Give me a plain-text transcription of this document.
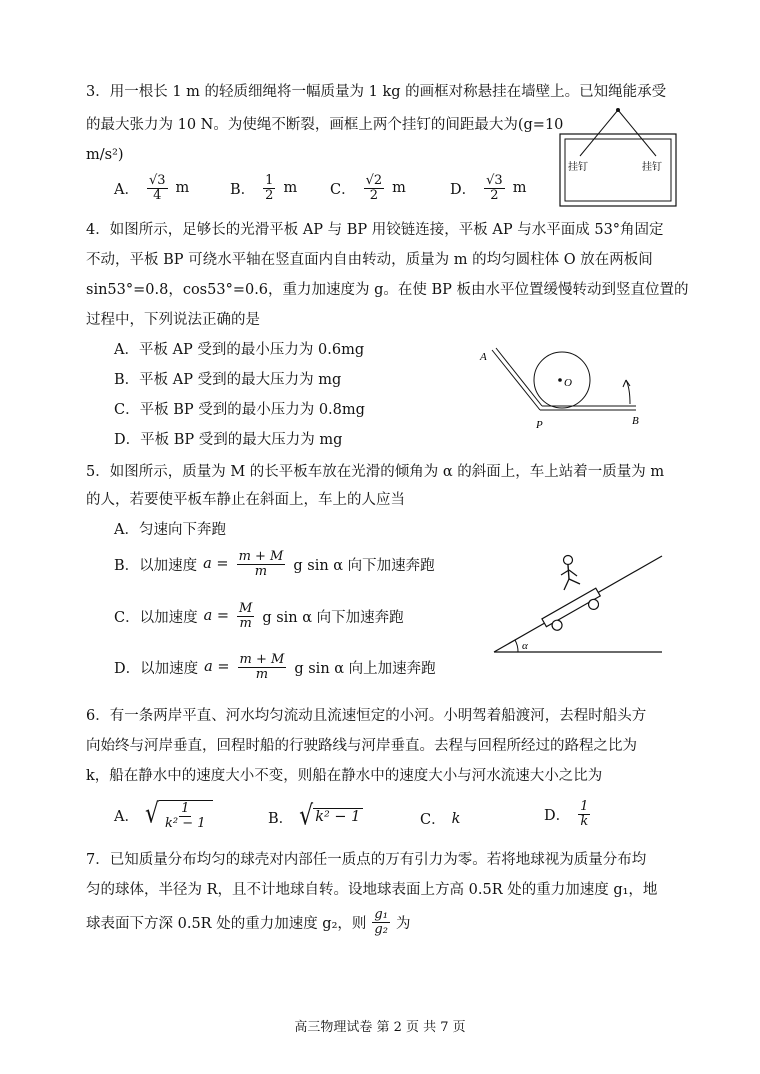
3．用一根长 1 m 的轻质细绳将一幅质量为 1 kg 的画框对称悬挂在墙壁上。已知绳能承受
的最大张力为 10 N。为使绳不断裂，画框上两个挂钉的间距最大为(g=10
m/s²)
A． $\frac{√3}{4}$ m	B． $\frac{1}{2}$ m C． $\frac{√2}{2}$ m	D． $\frac{√3}{2}$ m
挂钉	挂钉
4．如图所示，足够长的光滑平板 AP 与 BP 用铰链连接，平板 AP 与水平面成 53°角固定
不动，平板 BP 可绕水平轴在竖直面内自由转动，质量为 m 的均匀圆柱体 O 放在两板间
sin53°=0.8，cos53°=0.6，重力加速度为 g。在使 BP 板由水平位置缓慢转动到竖直位置的
过程中，下列说法正确的是
A．平板 AP 受到的最小压力为 0.6mg
B．平板 AP 受到的最大压力为 mg
C．平板 BP 受到的最小压力为 0.8mg
D．平板 BP 受到的最大压力为 mg
A
O
P	B
5．如图所示，质量为 M 的长平板车放在光滑的倾角为 α 的斜面上，车上站着一质量为 m
的人，若要使平板车静止在斜面上，车上的人应当
A．匀速向下奔跑
B．以加速度 $a = \frac{m + M}{m}$ g sin α 向下加速奔跑
C．以加速度 $a = \frac{M}{m}$ g sin α 向下加速奔跑
D．以加速度 $a = \frac{m + M}{m}$ g sin α 向上加速奔跑
α
6．有一条两岸平直、河水均匀流动且流速恒定的小河。小明驾着船渡河，去程时船头方
向始终与河岸垂直，回程时船的行驶路线与河岸垂直。去程与回程所经过的路程之比为
k，船在静水中的速度大小不变，则船在静水中的速度大小与河水流速大小之比为
A． √ $\frac{1}{\text{k² − 1}}$	B． √ k² − 1	C． k	D． $\frac{1}{k}$
7．已知质量分布均匀的球壳对内部任一质点的万有引力为零。若将地球视为质量分布均
匀的球体，半径为 R，且不计地球自转。设地球表面上方高 0.5R 处的重力加速度 g₁，地
球表面下方深 0.5R 处的重力加速度 g₂，则 $\frac{\text{g₁}}{\text{g₂}}$ 为
高三物理试卷 第 2 页 共 7 页
